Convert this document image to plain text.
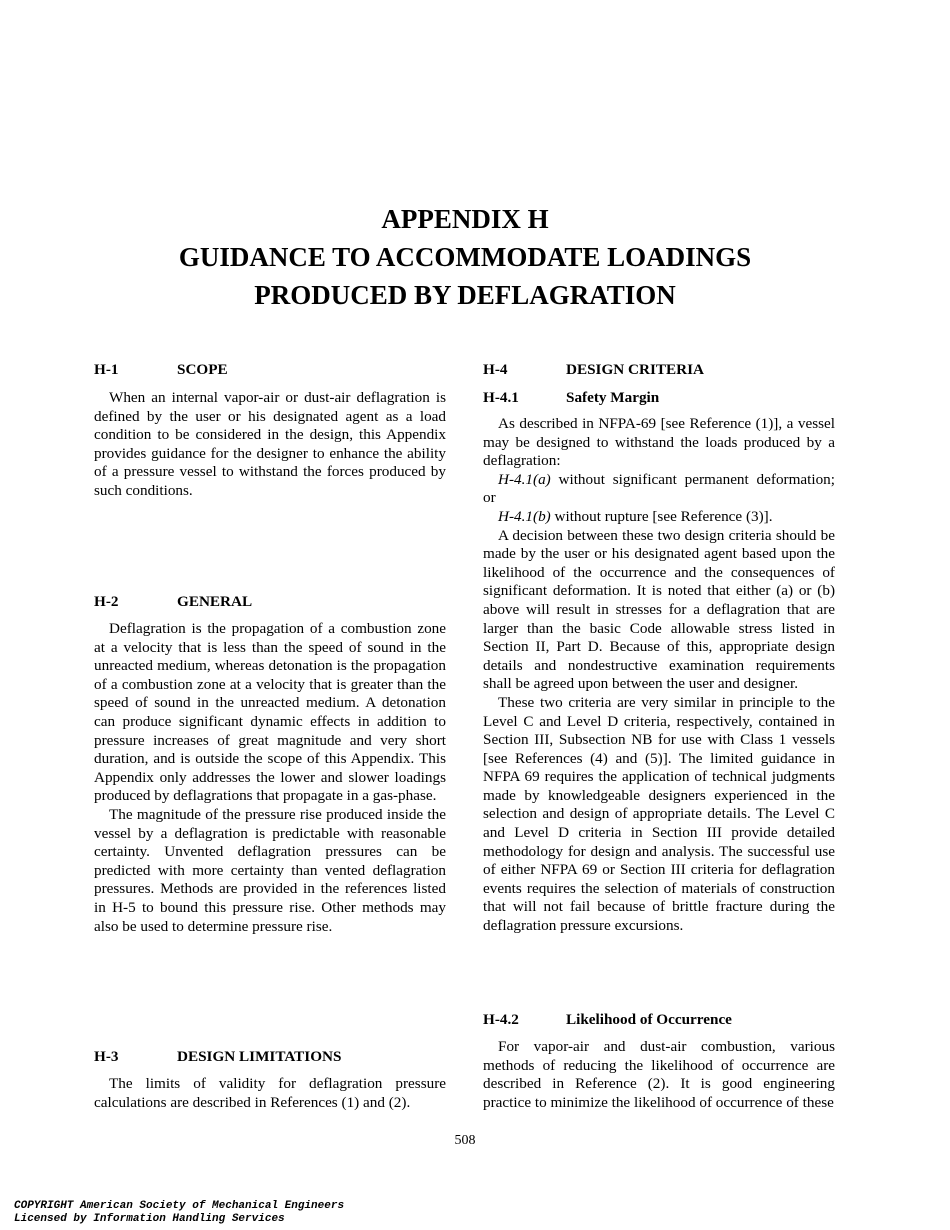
APPENDIX H
GUIDANCE TO ACCOMMODATE LOADINGS
PRODUCED BY DEFLAGRATION
H-1	SCOPE

When an internal vapor-air or dust-air deflagration is defined by the user or his designated agent as a load condition to be considered in the design, this Appendix provides guidance for the designer to enhance the ability of a pressure vessel to withstand the forces produced by such conditions.

H-2	GENERAL

Deflagration is the propagation of a combustion zone at a velocity that is less than the speed of sound in the unreacted medium, whereas detonation is the propagation of a combustion zone at a velocity that is greater than the speed of sound in the unreacted medium. A detonation can produce significant dynamic effects in addition to pressure increases of great magnitude and very short duration, and is outside the scope of this Appendix. This Appendix only addresses the lower and slower loadings produced by deflagrations that propagate in a gas-phase.

The magnitude of the pressure rise produced inside the vessel by a deflagration is predictable with reasonable certainty. Unvented deflagration pressures can be predicted with more certainty than vented deflagration pressures. Methods are provided in the references listed in H-5 to bound this pressure rise. Other methods may also be used to determine pressure rise.

H-3	DESIGN LIMITATIONS

The limits of validity for deflagration pressure calculations are described in References (1) and (2).

H-4	DESIGN CRITERIA
H-4.1	Safety Margin

As described in NFPA-69 [see Reference (1)], a vessel may be designed to withstand the loads produced by a deflagration:

H-4.1(a) without significant permanent deformation; or
H-4.1(b) without rupture [see Reference (3)].

A decision between these two design criteria should be made by the user or his designated agent based upon the likelihood of the occurrence and the consequences of significant deformation. It is noted that either (a) or (b) above will result in stresses for a deflagration that are larger than the basic Code allowable stress listed in Section II, Part D. Because of this, appropriate design details and nondestructive examination requirements shall be agreed upon between the user and designer.

These two criteria are very similar in principle to the Level C and Level D criteria, respectively, contained in Section III, Subsection NB for use with Class 1 vessels [see References (4) and (5)]. The limited guidance in NFPA 69 requires the application of technical judgments made by knowledgeable designers experienced in the selection and design of appropriate details. The Level C and Level D criteria in Section III provide detailed methodology for design and analysis. The successful use of either NFPA 69 or Section III criteria for deflagration events requires the selection of materials of construction that will not fail because of brittle fracture during the deflagration pressure excursions.

H-4.2	Likelihood of Occurrence

For vapor-air and dust-air combustion, various methods of reducing the likelihood of occurrence are described in Reference (2). It is good engineering practice to minimize the likelihood of occurrence of these

508
COPYRIGHT American Society of Mechanical Engineers
Licensed by Information Handling Services
